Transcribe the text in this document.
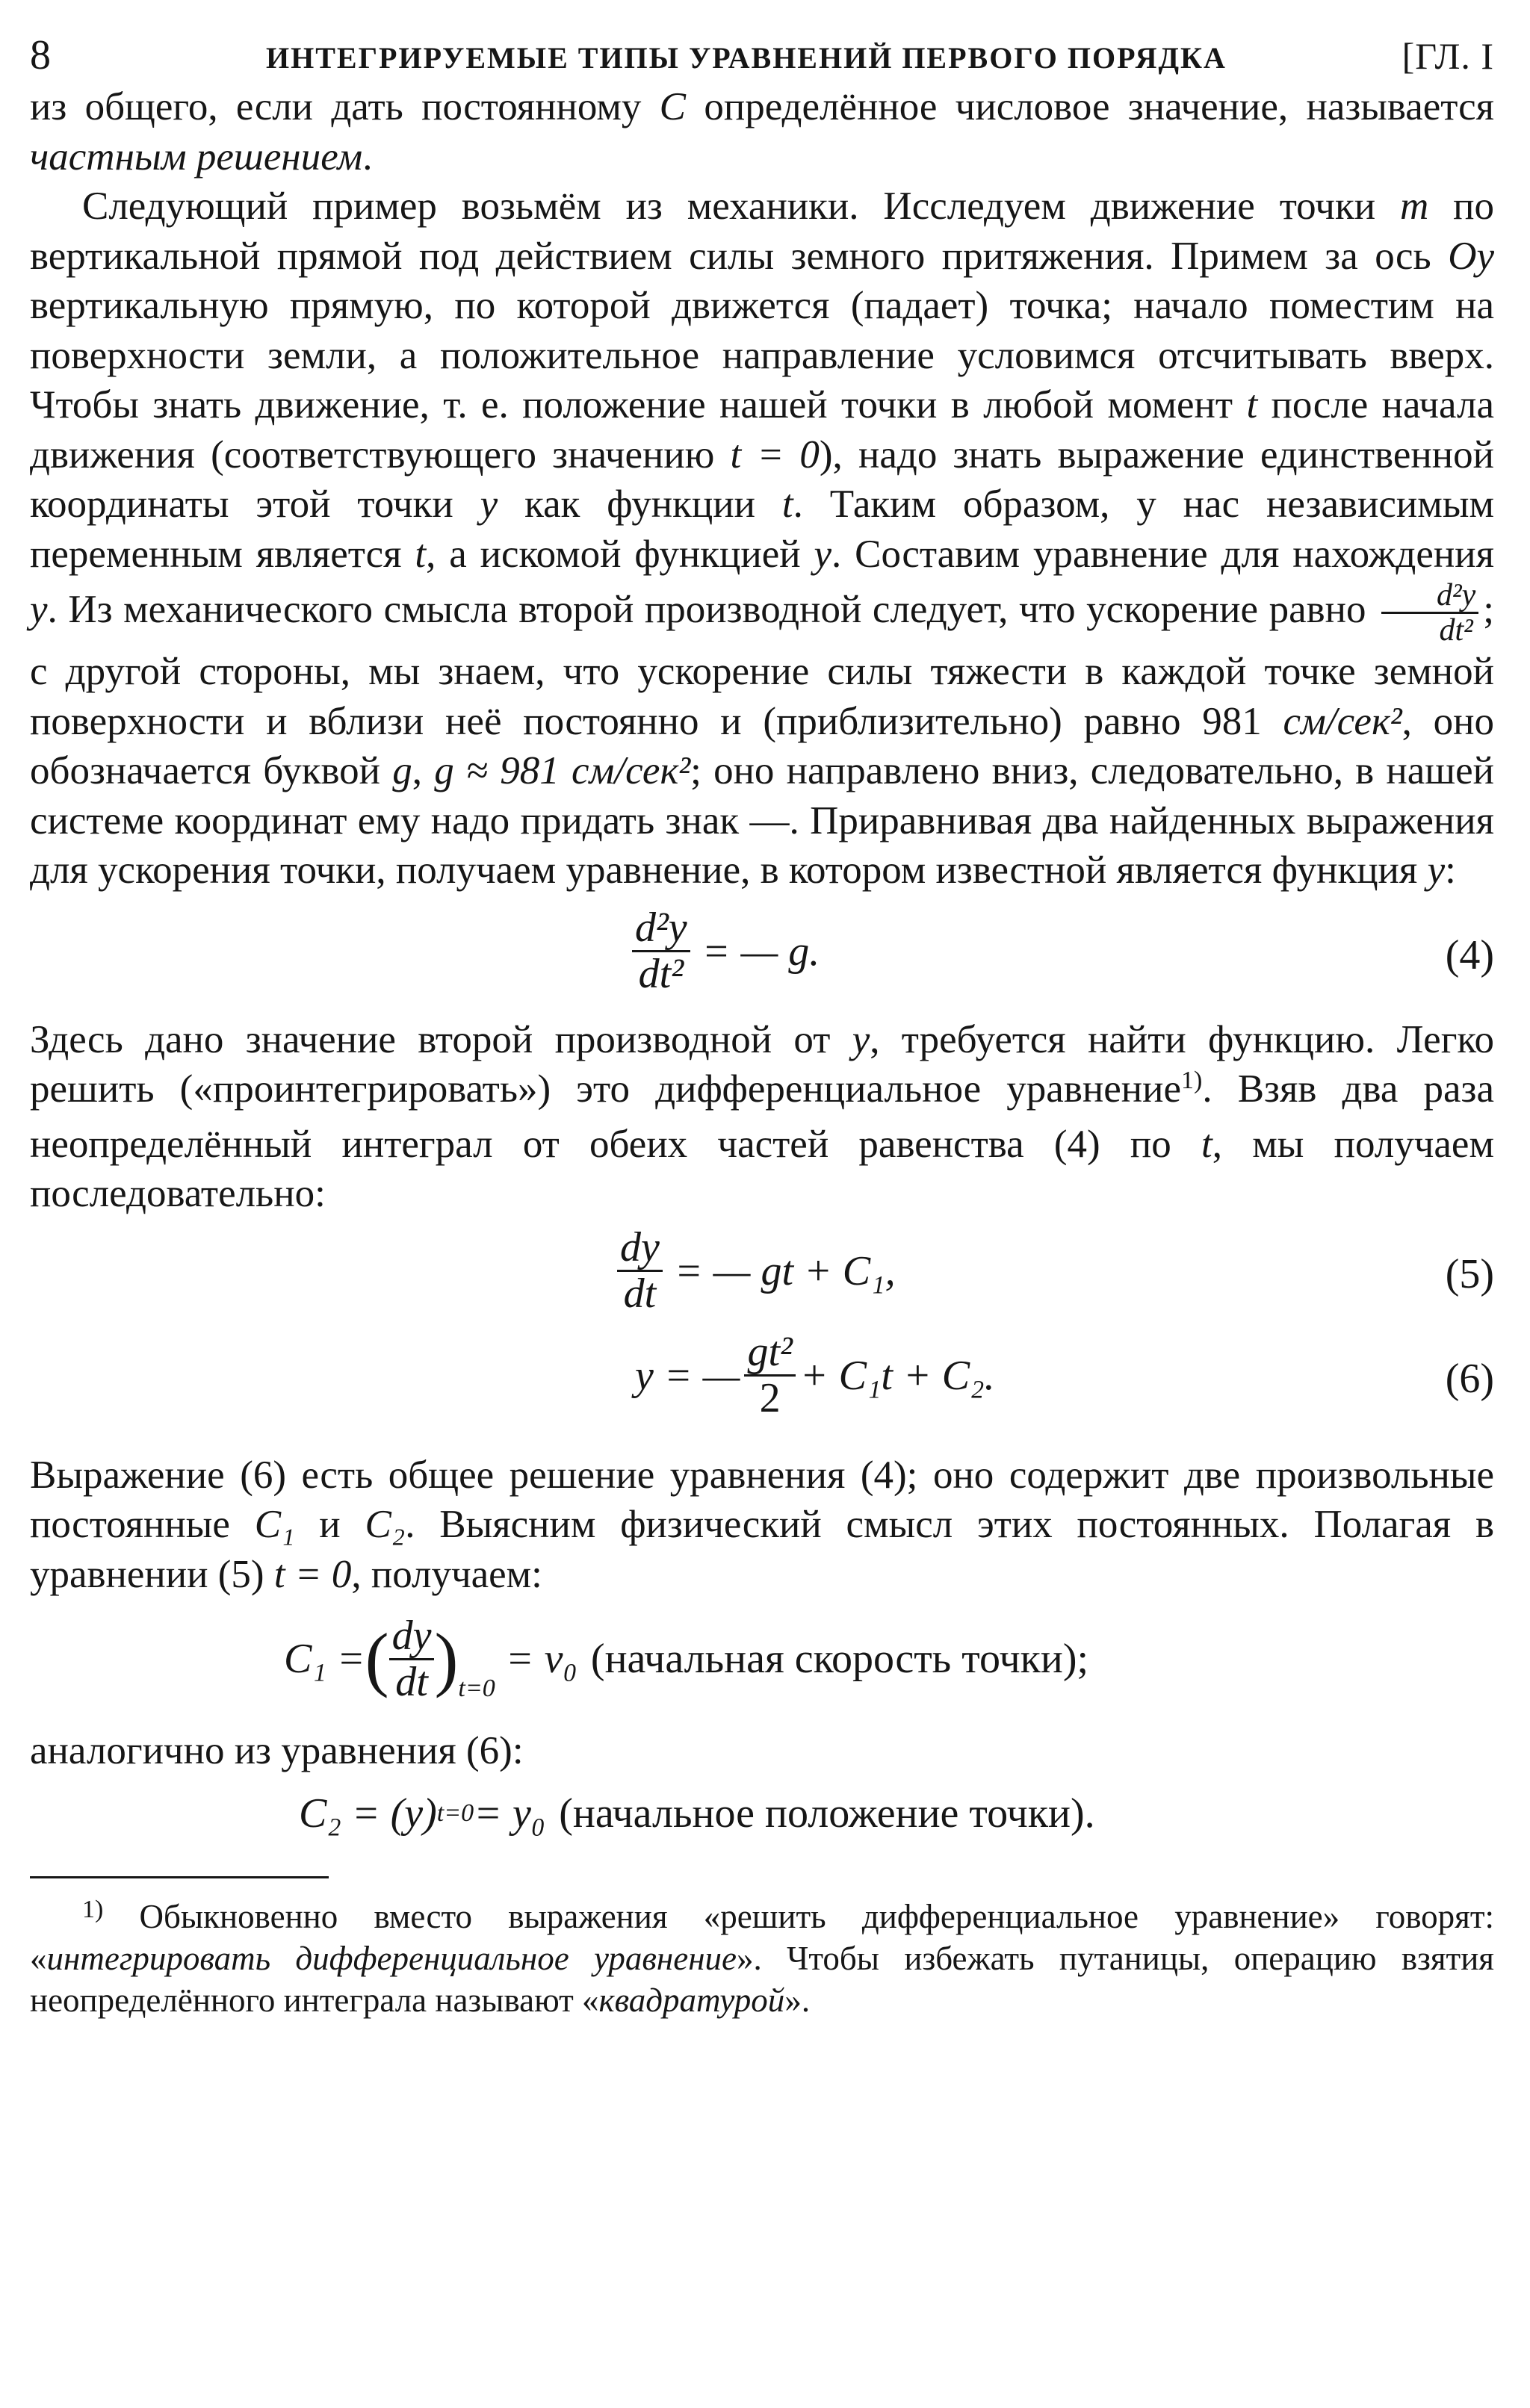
8	ИНТЕГРИРУЕМЫЕ ТИПЫ УРАВНЕНИЙ ПЕРВОГО ПОРЯДКА	[ГЛ. I

из общего, если дать постоянному C определённое числовое значение, называется частным решением.

Следующий пример возьмём из механики. Исследуем движение точки m по вертикальной прямой под действием силы земного притяжения. Примем за ось Oy вертикальную прямую, по которой движется (падает) точка; начало поместим на поверхности земли, а положительное направление условимся отсчитывать вверх. Чтобы знать движение, т. е. положение нашей точки в любой момент t после начала движения (соответствующего значению t = 0), надо знать выражение единственной координаты этой точки y как функции t. Таким образом, у нас независимым переменным является t, а искомой функцией y. Составим уравнение для нахождения y. Из механического смысла второй производной следует, что ускорение равно $\frac{\text{d²y}}{\text{dt²}}$ ; с другой стороны, мы знаем, что ускорение силы тяжести в каждой точке земной поверхности и вблизи неё постоянно и (приблизительно) равно 981 см/сек², оно обозначается буквой g, g ≈ 981 см/сек²; оно направлено вниз, следовательно, в нашей системе координат ему надо придать знак —. Приравнивая два найденных выражения для ускорения точки, получаем уравнение, в котором известной является функция y:

$\frac{\text{d²y}}{\text{dt²}}$ = — g.	(4)

Здесь дано значение второй производной от y, требуется найти функцию. Легко решить («проинтегрировать») это дифференциальное уравнение$^{1)}$. Взяв два раза неопределённый интеграл от обеих частей равенства (4) по t, мы получаем последовательно:

$\frac{dy}{dt}$ = — gt + C₁,	(5)
y = — $\frac{\text{gt²}}{2} + C_1t + C_2$.	(6)

Выражение (6) есть общее решение уравнения (4); оно содержит две произвольные постоянные C₁ и C₂. Выясним физический смысл этих постоянных. Полагая в уравнении (5) t = 0, получаем:

C₁ = ( $\frac{dy}{dt}$ ) t=0
= v₀ (начальная скорость точки);

аналогично из уравнения (6):

C₂ = (y) t=0 = y₀ (начальное положение точки).

$^{1)}$ Обыкновенно вместо выражения «решить дифференциальное уравнение» говорят: «интегрировать дифференциальное уравнение». Чтобы избежать путаницы, операцию взятия неопределённого интеграла называют «квадратурой».
